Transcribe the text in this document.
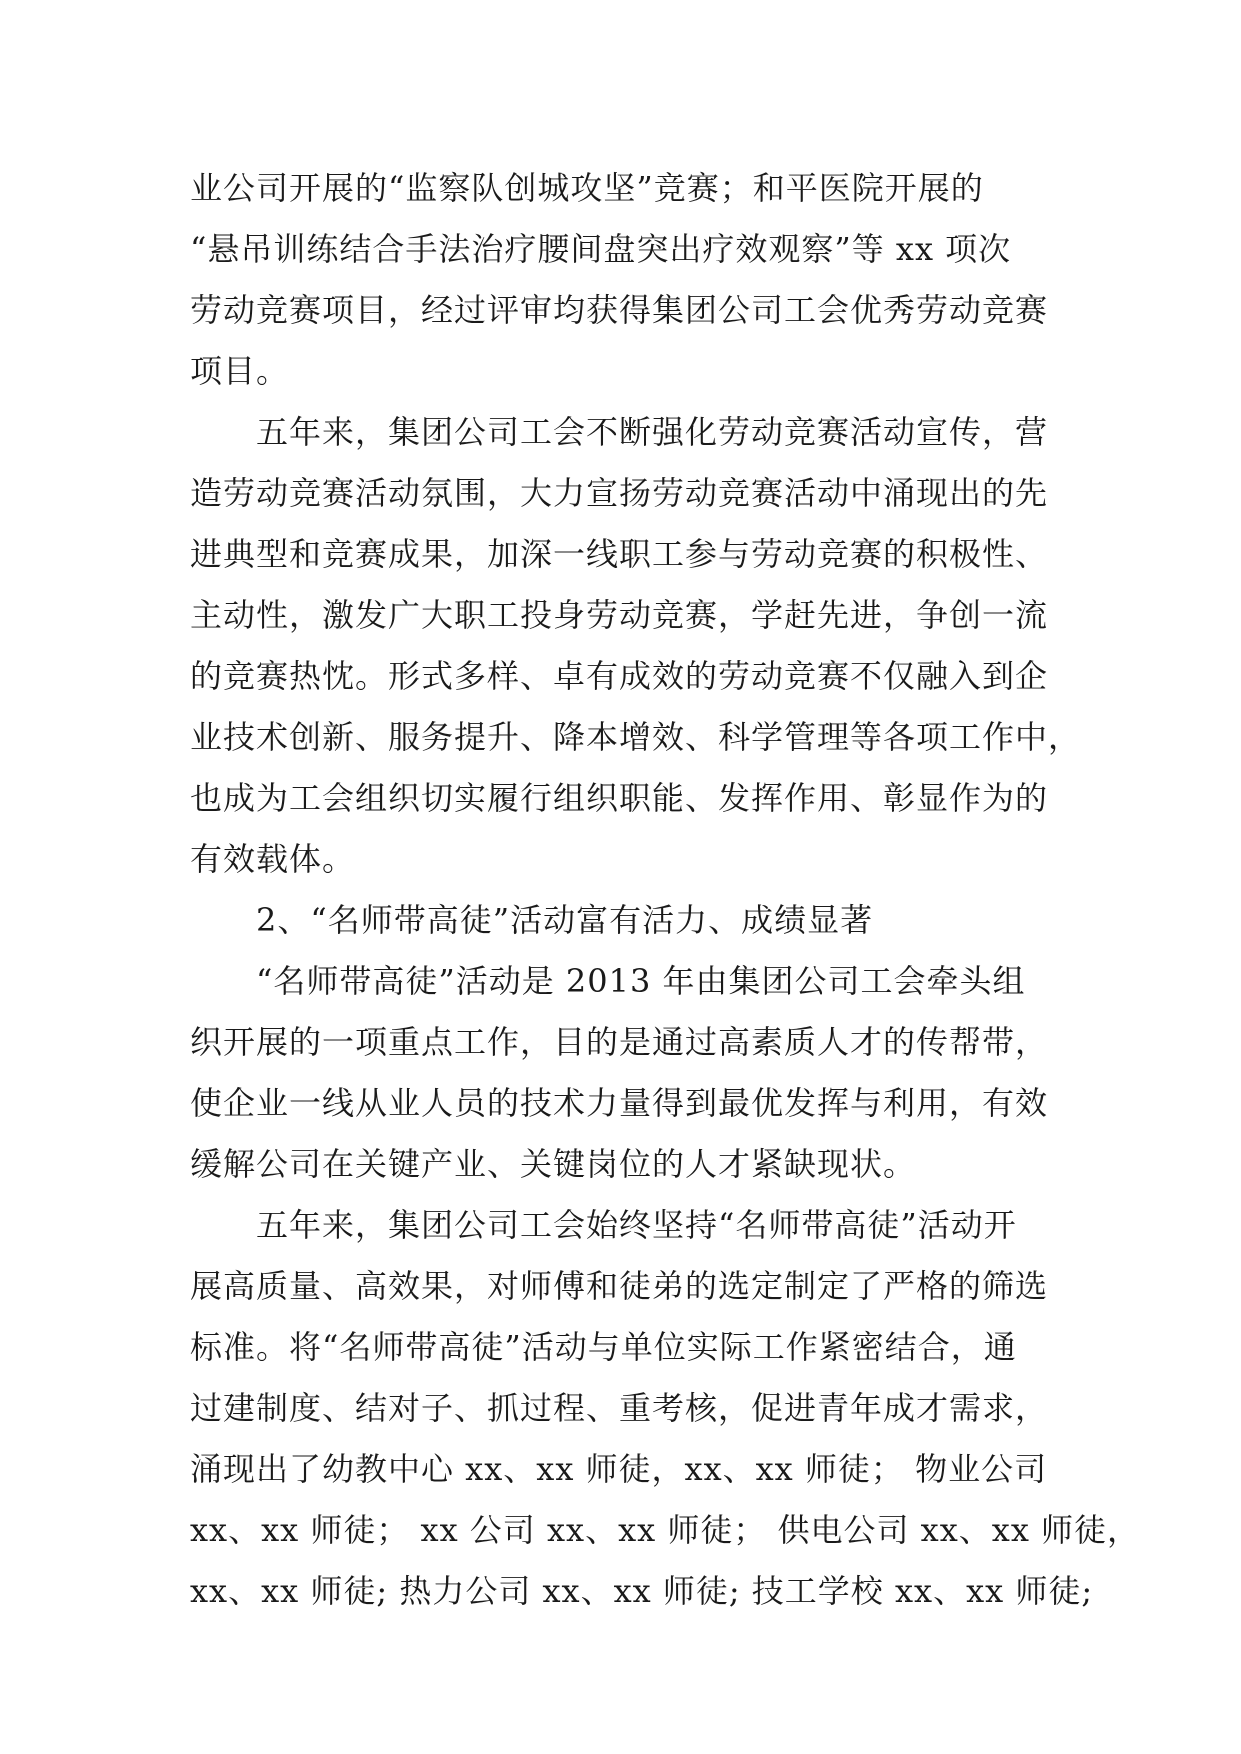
业公司开展的“监察队创城攻坚”竞赛；和平医院开展的
“悬吊训练结合手法治疗腰间盘突出疗效观察”等 xx 项次
劳动竞赛项目，经过评审均获得集团公司工会优秀劳动竞赛
项目。
　　五年来，集团公司工会不断强化劳动竞赛活动宣传，营
造劳动竞赛活动氛围，大力宣扬劳动竞赛活动中涌现出的先
进典型和竞赛成果，加深一线职工参与劳动竞赛的积极性、
主动性，激发广大职工投身劳动竞赛，学赶先进，争创一流
的竞赛热忱。形式多样、卓有成效的劳动竞赛不仅融入到企
业技术创新、服务提升、降本增效、科学管理等各项工作中，
也成为工会组织切实履行组织职能、发挥作用、彰显作为的
有效载体。
　　2、“名师带高徒”活动富有活力、成绩显著
　　“名师带高徒”活动是 2013 年由集团公司工会牵头组
织开展的一项重点工作，目的是通过高素质人才的传帮带，
使企业一线从业人员的技术力量得到最优发挥与利用，有效
缓解公司在关键产业、关键岗位的人才紧缺现状。
　　五年来，集团公司工会始终坚持“名师带高徒”活动开
展高质量、高效果，对师傅和徒弟的选定制定了严格的筛选
标准。将“名师带高徒”活动与单位实际工作紧密结合，通
过建制度、结对子、抓过程、重考核，促进青年成才需求，
涌现出了幼教中心 xx、xx 师徒，xx、xx 师徒； 物业公司
xx、xx 师徒； xx 公司 xx、xx 师徒； 供电公司 xx、xx 师徒，
xx、xx 师徒; 热力公司 xx、xx 师徒; 技工学校 xx、xx 师徒;
